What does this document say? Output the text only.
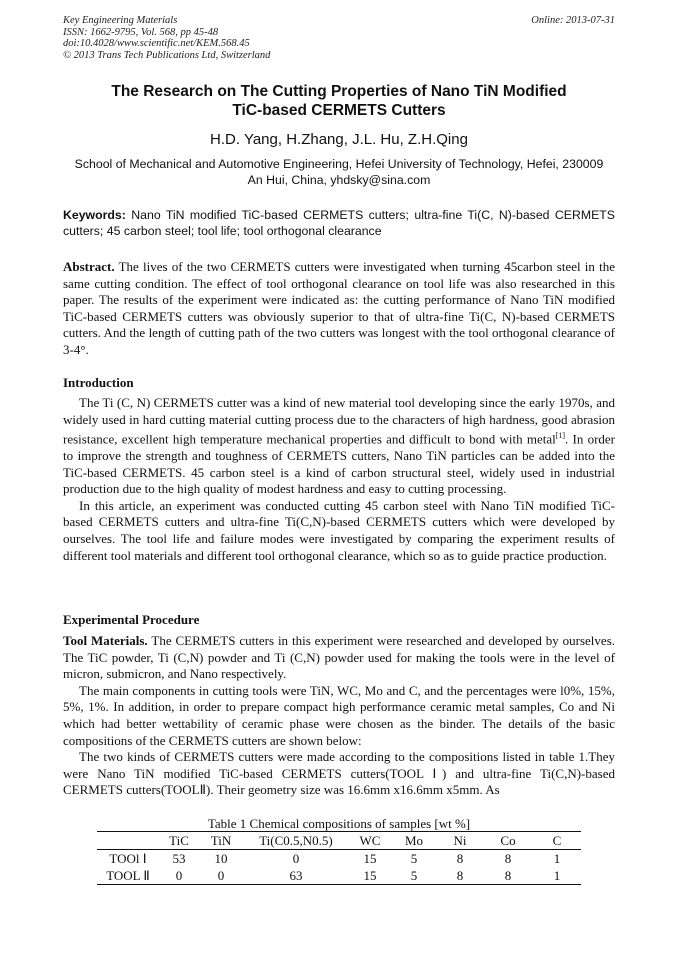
Key Engineering Materials
ISSN: 1662-9795, Vol. 568, pp 45-48
doi:10.4028/www.scientific.net/KEM.568.45
© 2013 Trans Tech Publications Ltd, Switzerland
Online: 2013-07-31
The Research on The Cutting Properties of Nano TiN Modified
TiC-based CERMETS Cutters
H.D. Yang, H.Zhang, J.L. Hu, Z.H.Qing
School of Mechanical and Automotive Engineering, Hefei University of Technology, Hefei, 230009
An Hui, China, yhdsky@sina.com
Keywords: Nano TiN modified TiC-based CERMETS cutters; ultra-fine Ti(C, N)-based CERMETS cutters; 45 carbon steel; tool life; tool orthogonal clearance
Abstract. The lives of the two CERMETS cutters were investigated when turning 45carbon steel in the same cutting condition. The effect of tool orthogonal clearance on tool life was also researched in this paper. The results of the experiment were indicated as: the cutting performance of Nano TiN modified TiC-based CERMETS cutters was obviously superior to that of ultra-fine Ti(C, N)-based CERMETS cutters. And the length of cutting path of the two cutters was longest with the tool orthogonal clearance of 3-4°.
Introduction

The Ti (C, N) CERMETS cutter was a kind of new material tool developing since the early 1970s, and widely used in hard cutting material cutting process due to the characters of high hardness, good abrasion resistance, excellent high temperature mechanical properties and difficult to bond with metal[1]. In order to improve the strength and toughness of CERMETS cutters, Nano TiN particles can be added into the TiC-based CERMETS. 45 carbon steel is a kind of carbon structural steel, widely used in industrial production due to the high quality of modest hardness and easy to cutting processing.

In this article, an experiment was conducted cutting 45 carbon steel with Nano TiN modified TiC-based CERMETS cutters and ultra-fine Ti(C,N)-based CERMETS cutters which were developed by ourselves. The tool life and failure modes were investigated by comparing the experiment results of different tool materials and different tool orthogonal clearance, which so as to guide practice production.

Experimental Procedure

Tool Materials. The CERMETS cutters in this experiment were researched and developed by ourselves. The TiC powder, Ti (C,N) powder and Ti (C,N) powder used for making the tools were in the level of micron, submicron, and Nano respectively.

The main components in cutting tools were TiN, WC, Mo and C, and the percentages were l0%, 15%, 5%, 1%. In addition, in order to prepare compact high performance ceramic metal samples, Co and Ni which had better wettability of ceramic phase were chosen as the binder. The details of the basic compositions of the CERMETS cutters are shown below:

The two kinds of CERMETS cutters were made according to the compositions listed in table 1.They were Nano TiN modified TiC-based CERMETS cutters(TOOL Ⅰ) and ultra-fine Ti(C,N)-based CERMETS cutters(TOOLⅡ). Their geometry size was 16.6mm x16.6mm x5mm. As

Table 1 Chemical compositions of samples [wt %]
	TiC	TiN	Ti(C0.5,N0.5)	WC	Mo	Ni	Co	C
TOOl Ⅰ	53	10	0	15	5	8	8	1
TOOL Ⅱ	0	0	63	15	5	8	8	1
